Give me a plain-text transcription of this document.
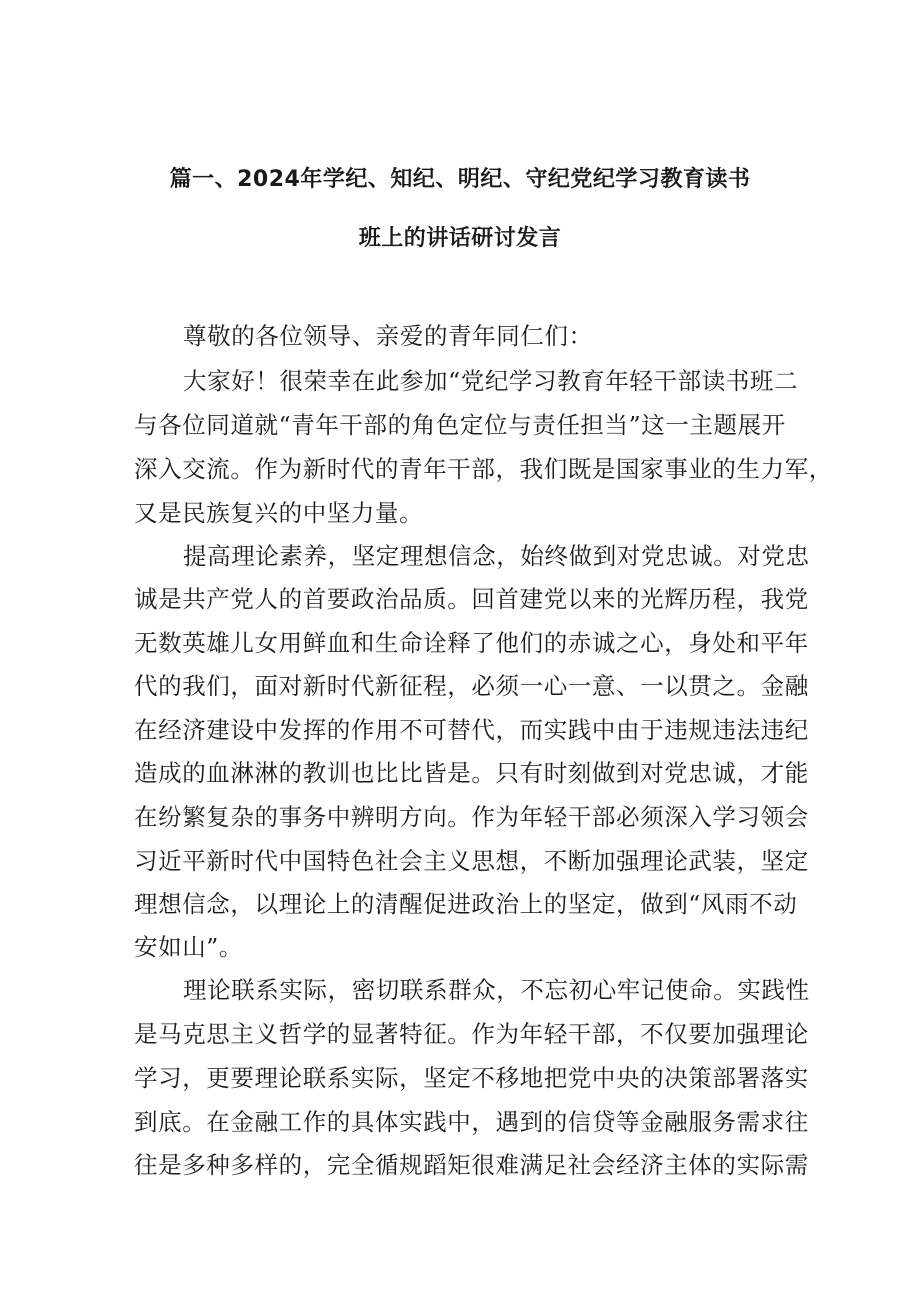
篇一、2024年学纪、知纪、明纪、守纪党纪学习教育读书
班上的讲话研讨发言
尊敬的各位领导、亲爱的青年同仁们：
大家好！很荣幸在此参加“党纪学习教育年轻干部读书班二
与各位同道就“青年干部的角色定位与责任担当”这一主题展开
深入交流。作为新时代的青年干部，我们既是国家事业的生力军，
又是民族复兴的中坚力量。
提高理论素养，坚定理想信念，始终做到对党忠诚。对党忠
诚是共产党人的首要政治品质。回首建党以来的光辉历程，我党
无数英雄儿女用鲜血和生命诠释了他们的赤诚之心，身处和平年
代的我们，面对新时代新征程，必须一心一意、一以贯之。金融
在经济建设中发挥的作用不可替代，而实践中由于违规违法违纪
造成的血淋淋的教训也比比皆是。只有时刻做到对党忠诚，才能
在纷繁复杂的事务中辨明方向。作为年轻干部必须深入学习领会
习近平新时代中国特色社会主义思想，不断加强理论武装，坚定
理想信念，以理论上的清醒促进政治上的坚定，做到“风雨不动
安如山”。
理论联系实际，密切联系群众，不忘初心牢记使命。实践性
是马克思主义哲学的显著特征。作为年轻干部，不仅要加强理论
学习，更要理论联系实际，坚定不移地把党中央的决策部署落实
到底。在金融工作的具体实践中，遇到的信贷等金融服务需求往
往是多种多样的，完全循规蹈矩很难满足社会经济主体的实际需
